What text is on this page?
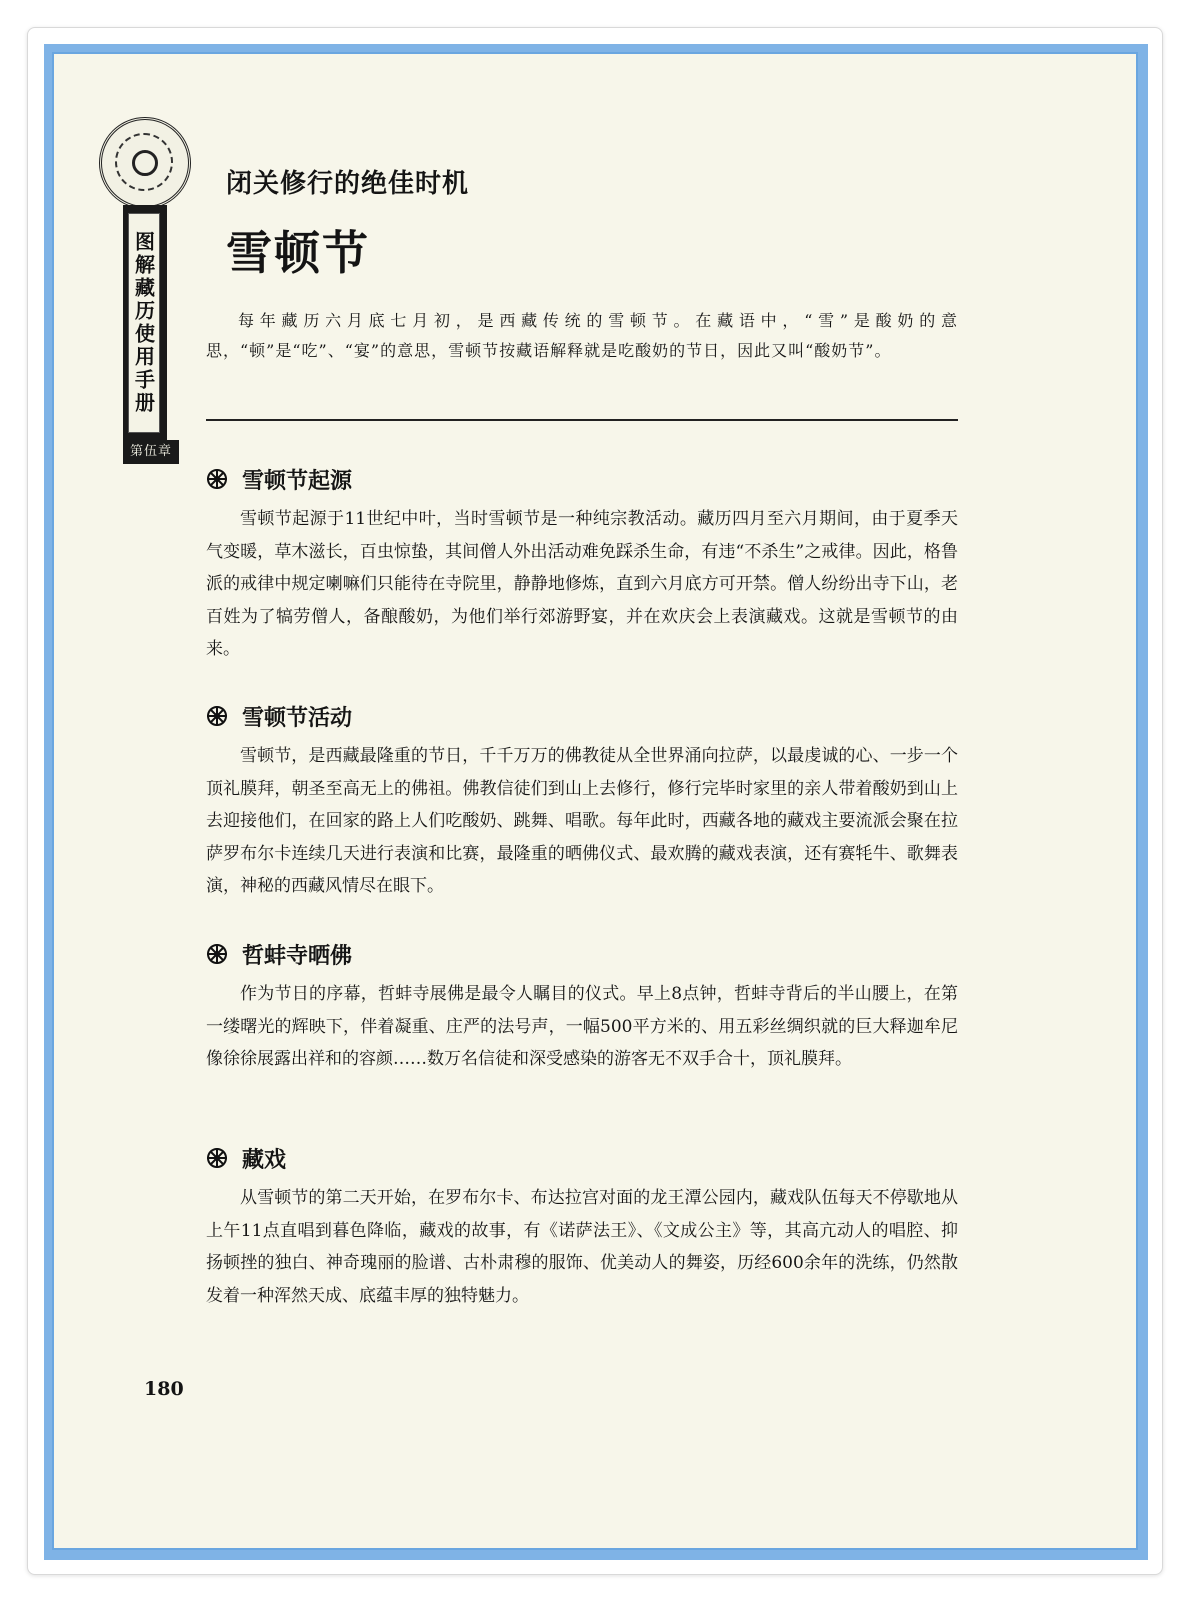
图解藏历使用手册
第伍章
闭关修行的绝佳时机
雪顿节

每年藏历六月底七月初，是西藏传统的雪顿节。在藏语中，“雪”是酸奶的意思，“顿”是“吃”、“宴”的意思，雪顿节按藏语解释就是吃酸奶的节日，因此又叫“酸奶节”。

雪顿节起源

雪顿节起源于11世纪中叶，当时雪顿节是一种纯宗教活动。藏历四月至六月期间，由于夏季天气变暖，草木滋长，百虫惊蛰，其间僧人外出活动难免踩杀生命，有违“不杀生”之戒律。因此，格鲁派的戒律中规定喇嘛们只能待在寺院里，静静地修炼，直到六月底方可开禁。僧人纷纷出寺下山，老百姓为了犒劳僧人，备酿酸奶，为他们举行郊游野宴，并在欢庆会上表演藏戏。这就是雪顿节的由来。

雪顿节活动

雪顿节，是西藏最隆重的节日，千千万万的佛教徒从全世界涌向拉萨，以最虔诚的心、一步一个顶礼膜拜，朝圣至高无上的佛祖。佛教信徒们到山上去修行，修行完毕时家里的亲人带着酸奶到山上去迎接他们，在回家的路上人们吃酸奶、跳舞、唱歌。每年此时，西藏各地的藏戏主要流派会聚在拉萨罗布尔卡连续几天进行表演和比赛，最隆重的晒佛仪式、最欢腾的藏戏表演，还有赛牦牛、歌舞表演，神秘的西藏风情尽在眼下。

哲蚌寺晒佛

作为节日的序幕，哲蚌寺展佛是最令人瞩目的仪式。早上8点钟，哲蚌寺背后的半山腰上，在第一缕曙光的辉映下，伴着凝重、庄严的法号声，一幅500平方米的、用五彩丝绸织就的巨大释迦牟尼像徐徐展露出祥和的容颜……数万名信徒和深受感染的游客无不双手合十，顶礼膜拜。

藏戏

从雪顿节的第二天开始，在罗布尔卡、布达拉宫对面的龙王潭公园内，藏戏队伍每天不停歇地从上午11点直唱到暮色降临，藏戏的故事，有《诺萨法王》、《文成公主》等，其高亢动人的唱腔、抑扬顿挫的独白、神奇瑰丽的脸谱、古朴肃穆的服饰、优美动人的舞姿，历经600余年的洗练，仍然散发着一种浑然天成、底蕴丰厚的独特魅力。

180
